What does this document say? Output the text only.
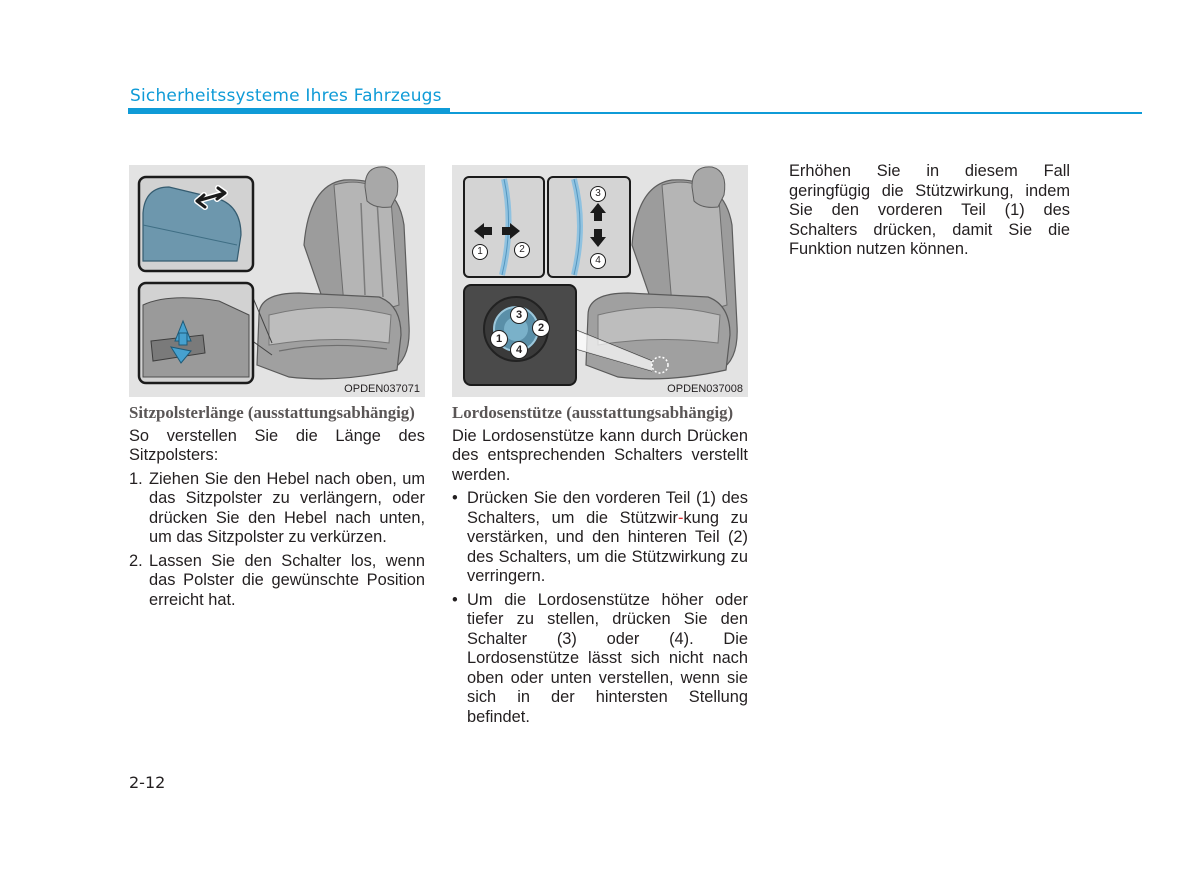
Sicherheitssysteme Ihres Fahrzeugs
OPDEN037071
1	2
3
4
3
2
1
4
OPDEN037008
Sitzpolsterlänge (ausstattungsabhängig)

So verstellen Sie die Länge des Sitzpolsters:

1. Ziehen Sie den Hebel nach oben, um das Sitzpolster zu verlängern, oder drücken Sie den Hebel nach unten, um das Sitzpolster zu verkürzen.
2. Lassen Sie den Schalter los, wenn das Polster die gewünschte Position erreicht hat.
Lordosenstütze (ausstattungsabhängig)

Die Lordosenstütze kann durch Drücken des entsprechenden Schalters verstellt werden.

• Drücken Sie den vorderen Teil (1) des Schalters, um die Stützwir-kung zu verstärken, und den hinteren Teil (2) des Schalters, um die Stützwirkung zu verringern.
• Um die Lordosenstütze höher oder tiefer zu stellen, drücken Sie den Schalter (3) oder (4). Die Lordosenstütze lässt sich nicht nach oben oder unten verstellen, wenn sie sich in der hintersten Stellung befindet.

Erhöhen Sie in diesem Fall geringfügig die Stützwirkung, indem Sie den vorderen Teil (1) des Schalters drücken, damit Sie die Funktion nutzen können.

2-12
